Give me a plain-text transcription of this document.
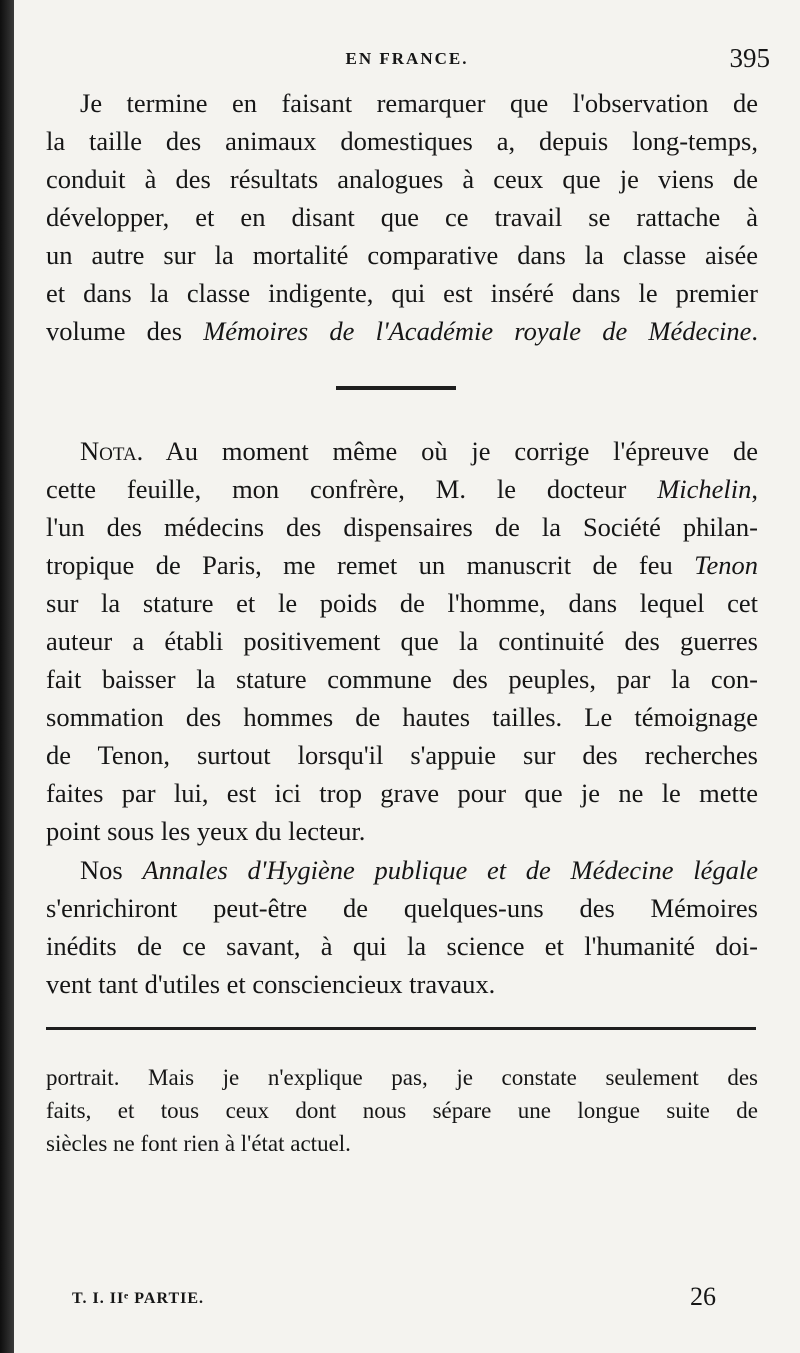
EN FRANCE.	395
Je termine en faisant remarquer que l'observation de
la taille des animaux domestiques a, depuis long-temps,
conduit à des résultats analogues à ceux que je viens de
développer, et en disant que ce travail se rattache à
un autre sur la mortalité comparative dans la classe aisée
et dans la classe indigente, qui est inséré dans le premier
volume des Mémoires de l'Académie royale de Médecine.
Nota. Au moment même où je corrige l'épreuve de
cette feuille, mon confrère, M. le docteur Michelin,
l'un des médecins des dispensaires de la Société philan-
tropique de Paris, me remet un manuscrit de feu Tenon
sur la stature et le poids de l'homme, dans lequel cet
auteur a établi positivement que la continuité des guerres
fait baisser la stature commune des peuples, par la con-
sommation des hommes de hautes tailles. Le témoignage
de Tenon, surtout lorsqu'il s'appuie sur des recherches
faites par lui, est ici trop grave pour que je ne le mette
point sous les yeux du lecteur.
Nos Annales d'Hygiène publique et de Médecine légale
s'enrichiront peut-être de quelques-uns des Mémoires
inédits de ce savant, à qui la science et l'humanité doi-
vent tant d'utiles et consciencieux travaux.
portrait. Mais je n'explique pas, je constate seulement des
faits, et tous ceux dont nous sépare une longue suite de
siècles ne font rien à l'état actuel.
T. I. IIᵉ PARTIE.	26
